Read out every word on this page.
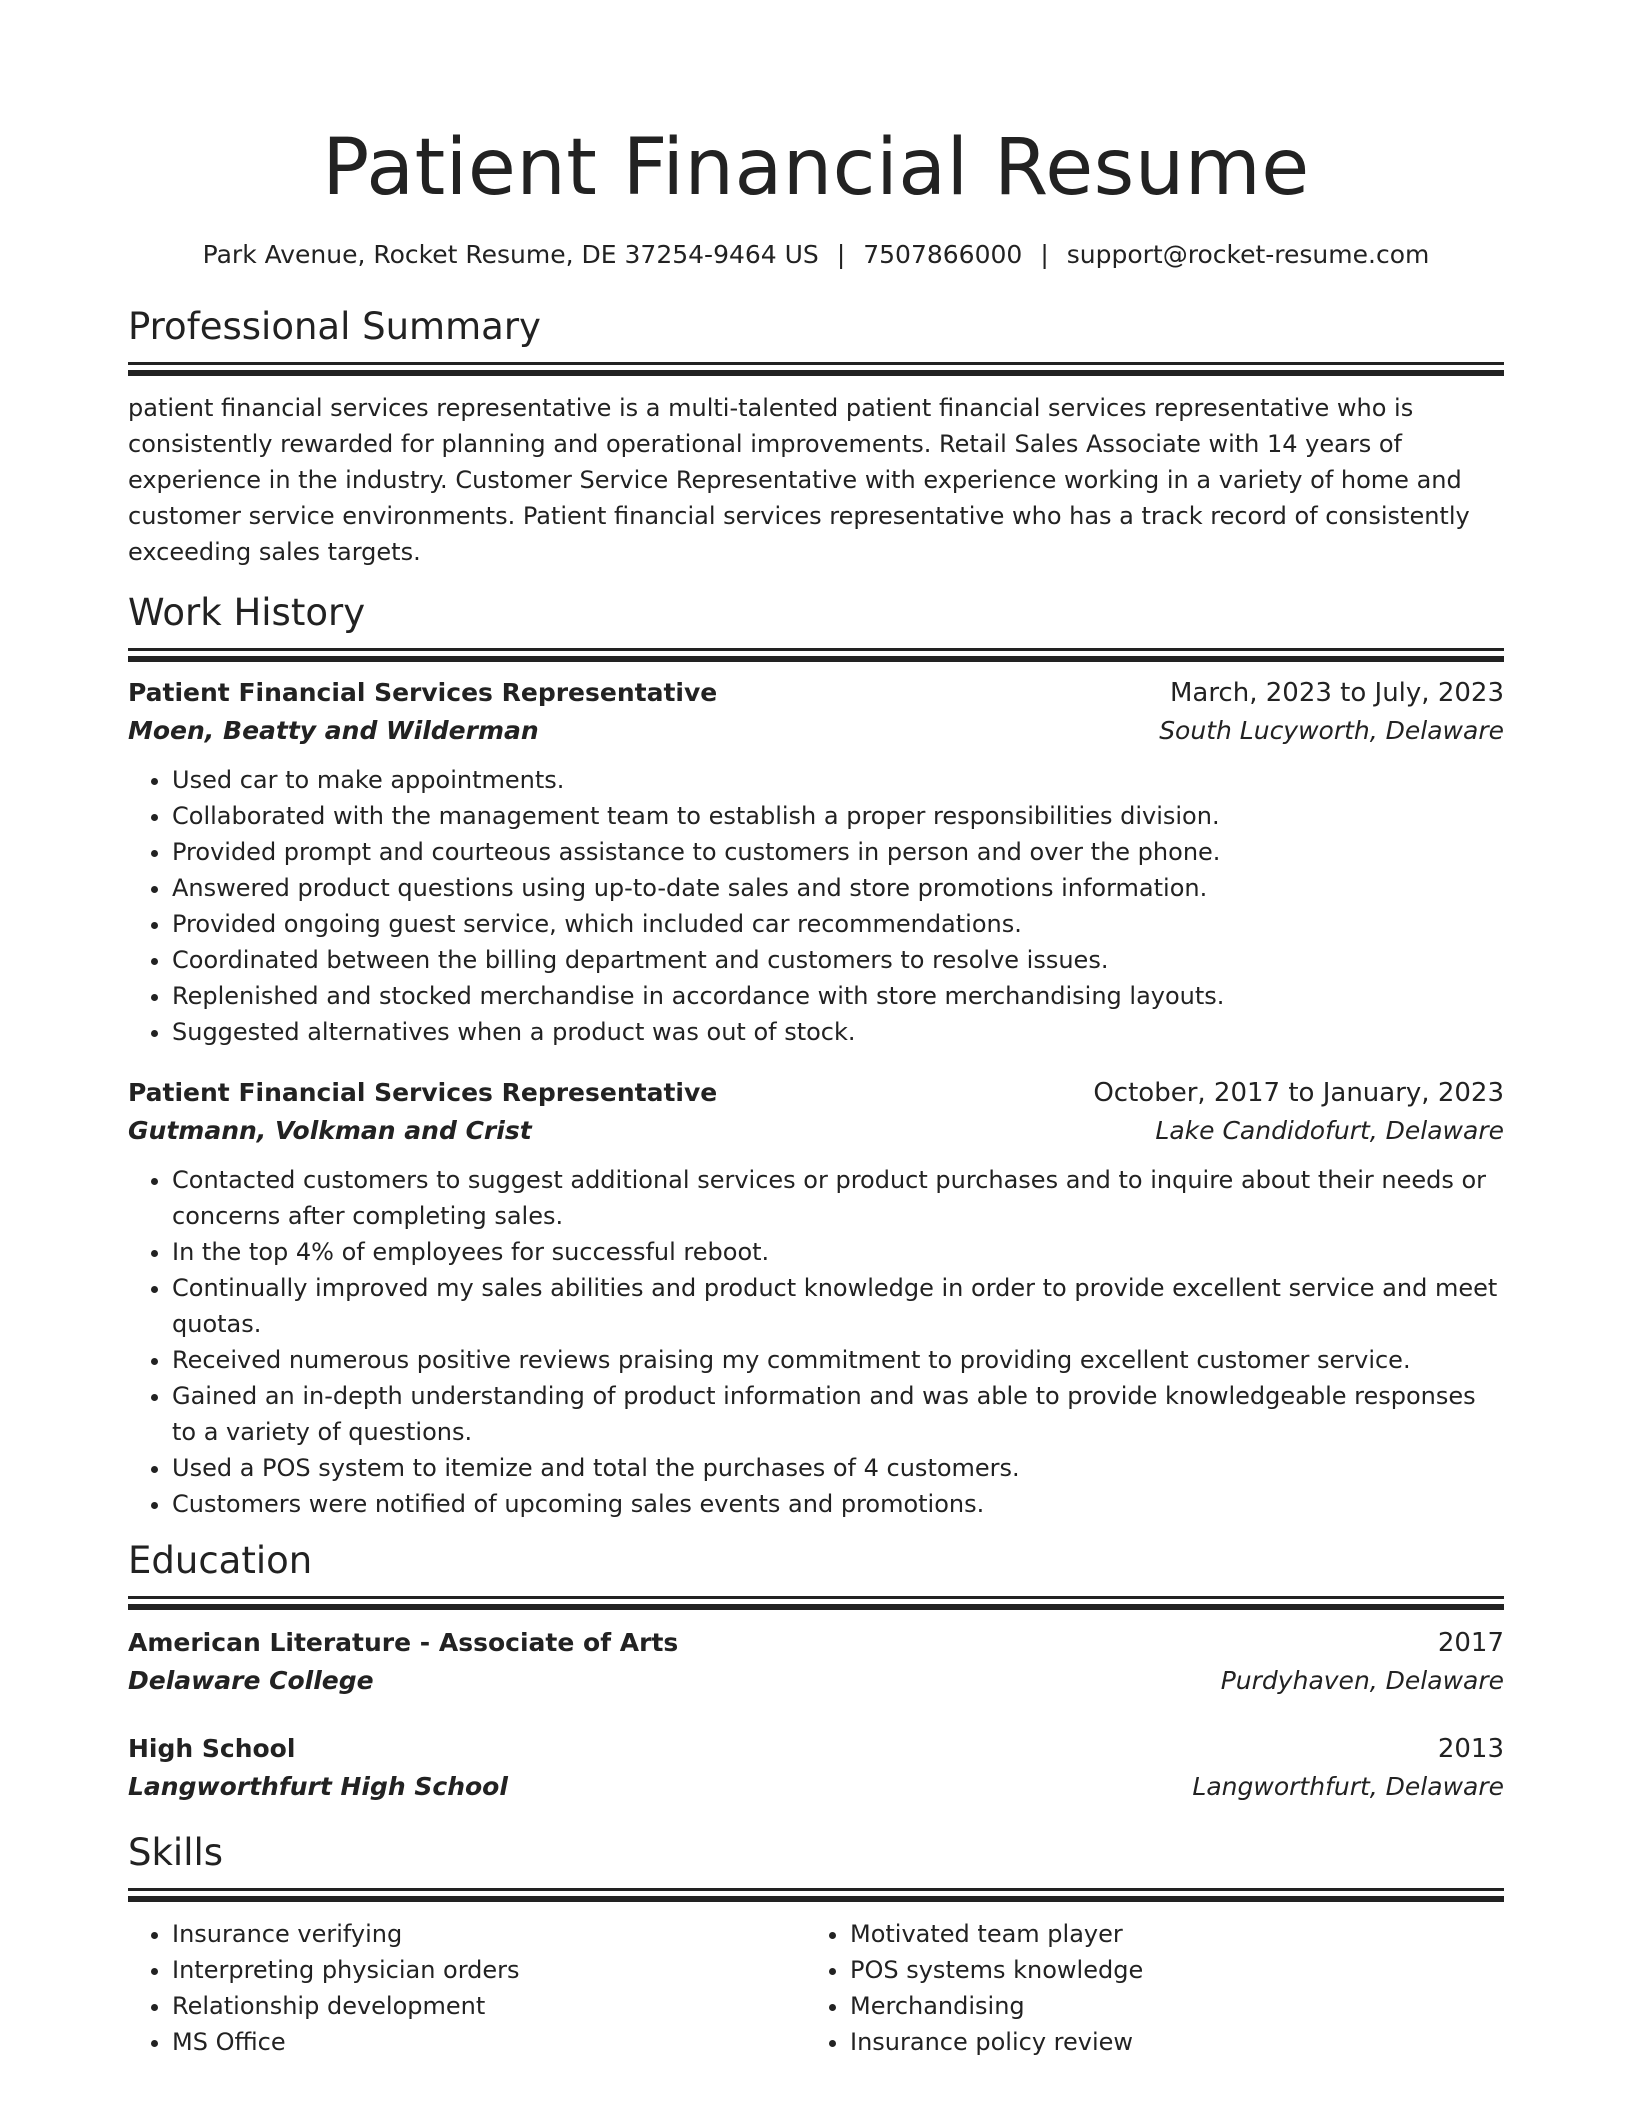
Patient Financial Resume
Park Avenue, Rocket Resume, DE 37254-9464 US | 7507866000 | support@rocket-resume.com
Professional Summary

patient financial services representative is a multi-talented patient financial services representative who is consistently rewarded for planning and operational improvements. Retail Sales Associate with 14 years of experience in the industry. Customer Service Representative with experience working in a variety of home and customer service environments. Patient financial services representative who has a track record of consistently exceeding sales targets.

Work History
Patient Financial Services Representative	March, 2023 to July, 2023
Moen, Beatty and Wilderman	South Lucyworth, Delaware
• Used car to make appointments.
• Collaborated with the management team to establish a proper responsibilities division.
• Provided prompt and courteous assistance to customers in person and over the phone.
• Answered product questions using up-to-date sales and store promotions information.
• Provided ongoing guest service, which included car recommendations.
• Coordinated between the billing department and customers to resolve issues.
• Replenished and stocked merchandise in accordance with store merchandising layouts.
• Suggested alternatives when a product was out of stock.
Patient Financial Services Representative	October, 2017 to January, 2023
Gutmann, Volkman and Crist	Lake Candidofurt, Delaware
• Contacted customers to suggest additional services or product purchases and to inquire about their needs or concerns after completing sales.
• In the top 4% of employees for successful reboot.
• Continually improved my sales abilities and product knowledge in order to provide excellent service and meet quotas.
• Received numerous positive reviews praising my commitment to providing excellent customer service.
• Gained an in-depth understanding of product information and was able to provide knowledgeable responses to a variety of questions.
• Used a POS system to itemize and total the purchases of 4 customers.
• Customers were notified of upcoming sales events and promotions.
Education
American Literature - Associate of Arts	2017
Delaware College	Purdyhaven, Delaware
High School	2013
Langworthfurt High School	Langworthfurt, Delaware
Skills
• Insurance verifying
• Interpreting physician orders
• Relationship development
• MS Office
• Motivated team player
• POS systems knowledge
• Merchandising
• Insurance policy review
